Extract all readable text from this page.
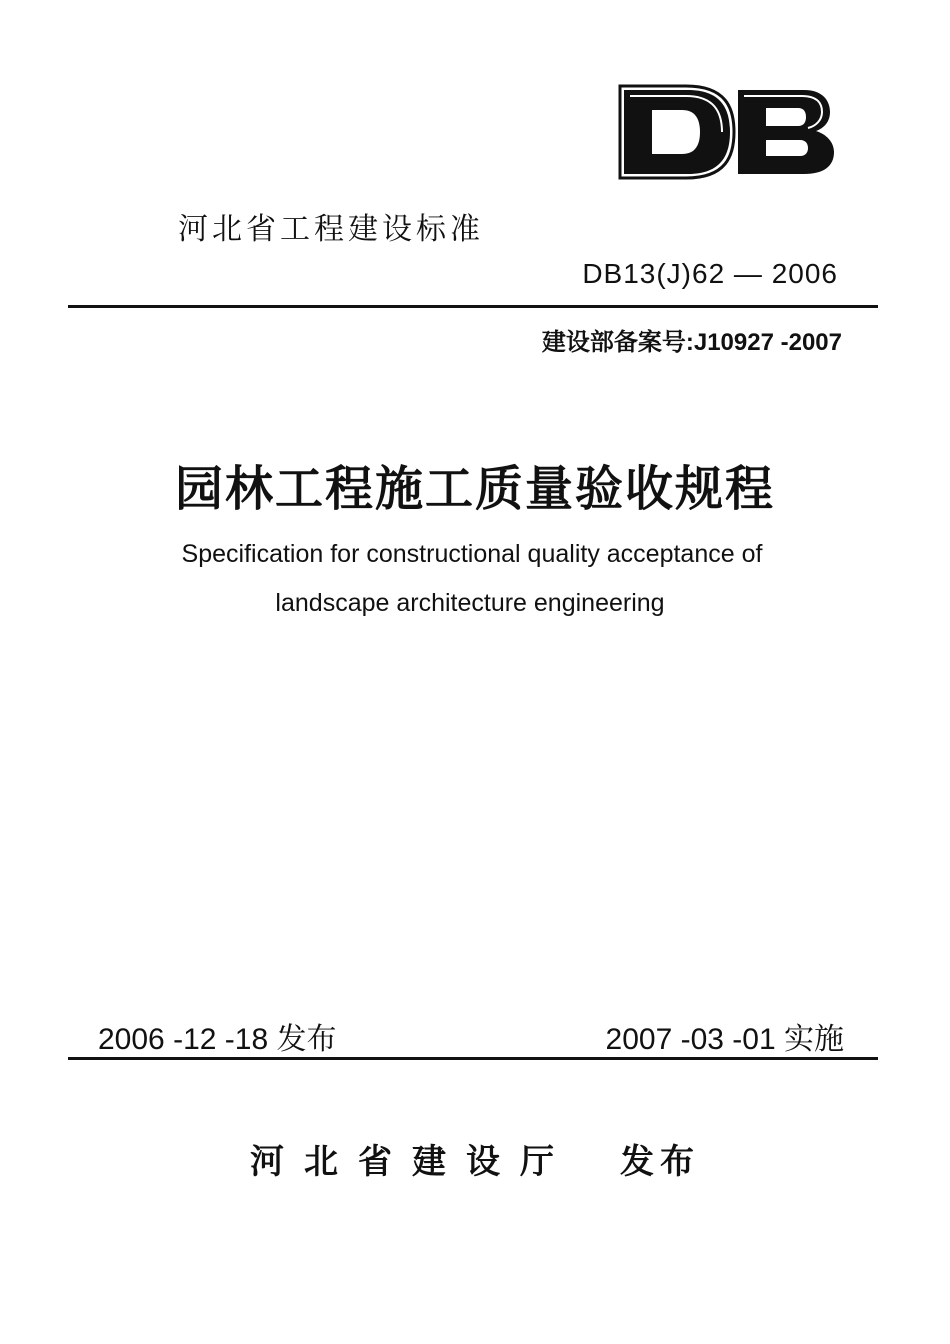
河北省工程建设标准
DB13(J)62 — 2006
建设部备案号:J10927 -2007
园林工程施工质量验收规程
Specification for constructional quality acceptance of
landscape architecture engineering
2006 -12 -18 发布	2007 -03 -01 实施
河北省建设厅 发布
